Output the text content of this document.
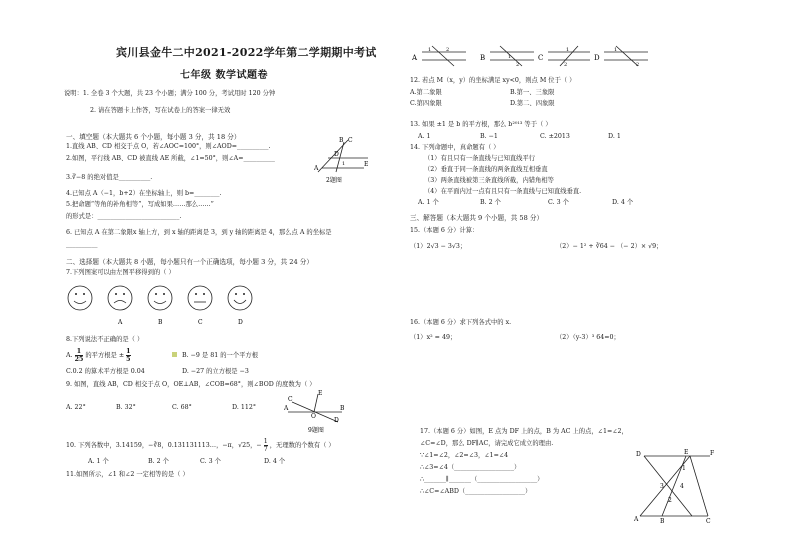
宾川县金牛二中2021-2022学年第二学期期中考试
七年级 数学试题卷
说明：1. 全卷 3 个大题，共 23 个小题；满分 100 分，考试用时 120 分钟
2. 请在答题卡上作答，写在试卷上的答案一律无效
一、填空题（本大题共 6 个小题，每小题 3 分，共 18 分）
1.直线 AB、CD 相交于点 O，若∠AOC=100°，则∠AOD=__________.
2.如图，平行线 AB、CD 被直线 AE 所截，∠1=50°，则∠A=__________
A
B C
D
E
1
2题图
3.∛−8 的绝对值是__________.
4.已知点 A（−1，b+2）在坐标轴上，则 b=________.
5.把命题“等角的补角相等”，写成如果……那么……”
的形式是：__________________________.
6. 已知点 A 在第二象限x 轴上方，到 x 轴的距离是 3，到 y 轴的距离是 4，那么点 A 的坐标是
__________
二、选择题（本大题共 8 小题，每小题只有一个正确选项，每小题 3 分，共 24 分）
7.下列图案可以由左图平移得到的（ ）
A	B	C	D
8.下列说法不正确的是（ ）
A. $\frac{1}{25}$ 的平方根是 ± $\frac{1}{5}$	B. −9 是 81 的一个平方根
C.0.2 的算术平方根是 0.04	D. −27 的立方根是 −3
9. 如图，直线 AB，CD 相交于点 O，OE⊥AB，∠COB=68°，则∠BOD 的度数为（ ）
A. 22°	B. 32°	C. 68°	D. 112°	A	B
C
D
E
O
9题图
10. 下列各数中，3.14159，−∛8，0.131131113…，−π，√25，− $\frac{1}{7}$ ，无理数的个数有（ ）
A. 1 个	B. 2 个	C. 3 个	D. 4 个
11.如图所示，∠1 和∠2 一定相等的是（ ）
A
1	2
B	1
2
C
1
2
D
1
2
12. 若点 M（x，y）的坐标满足 xy<0，则点 M 位于（ ）
A.第二象限	B.第一、三象限
C.第四象限	D.第二、四象限
13. 如果 ±1 是 b 的平方根，那么 b²⁰¹³ 等于（ ）
A. 1	B. −1	C. ±2013	D. 1
14. 下列命题中，真命题有（ ）
（1）有且只有一条直线与已知直线平行
（2）垂直于同一条直线的两条直线互相垂直
（3）两条直线被第三条直线所截，内错角相等
（4）在平面内过一点有且只有一条直线与已知直线垂直.
A. 1 个	B. 2 个	C. 3 个	D. 4 个
三、解答题（本大题共 9 个小题，共 58 分）
15.（本题 6 分）计算：
（1）2√3 − 3√3；	（2）− 1² + ∛64 − （− 2）× √9；
16.（本题 6 分）求下列各式中的 x.
（1）x² = 49；	（2）（y-3）³ 64=0；
17.（本题 6 分）如图，E 点为 DF 上的点，B 为 AC 上的点，∠1=∠2，
∠C=∠D，那么 DF∥AC，请完成它成立的理由.
∵∠1=∠2，∠2=∠3，∠1=∠4
∴∠3=∠4（___________________）
∴_______∥_______（___________________）
∴∠C=∠ABD（___________________）
D	E	F
A	B	C
1
2
3	4
